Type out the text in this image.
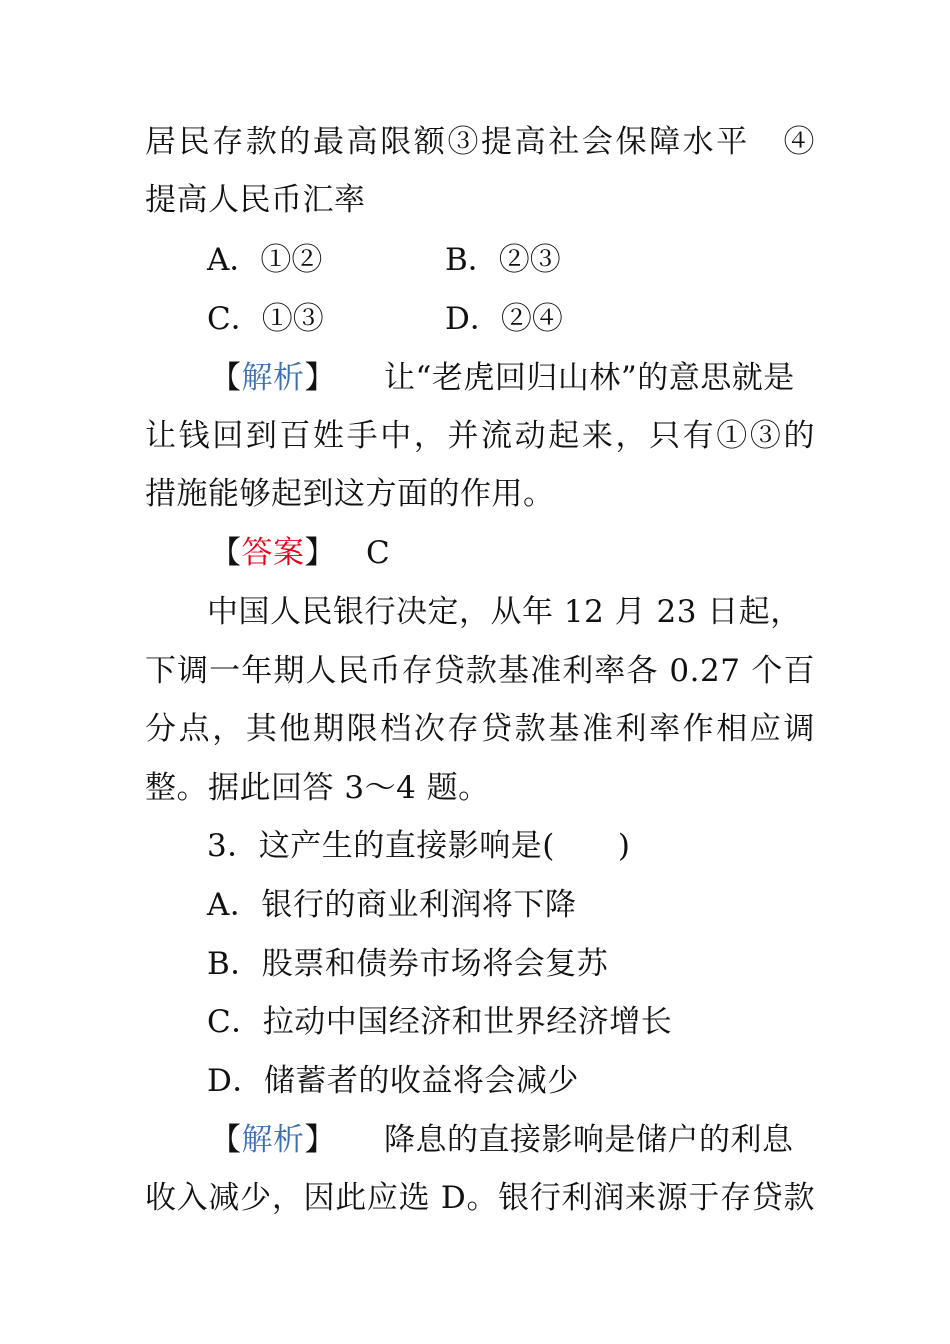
居民存款的最高限额③提高社会保障水平　④
提高人民币汇率
A．①②	B．②③
C．①③	D．②④
【解析】 让“老虎回归山林”的意思就是
让钱回到百姓手中，并流动起来，只有①③的
措施能够起到这方面的作用。
【答案】 C
中国人民银行决定，从年 12 月 23 日起，
下调一年期人民币存贷款基准利率各 0.27 个百
分点，其他期限档次存贷款基准利率作相应调
整。据此回答 3～4 题。
3．这产生的直接影响是(　　)
A．银行的商业利润将下降
B．股票和债券市场将会复苏
C．拉动中国经济和世界经济增长
D．储蓄者的收益将会减少
【解析】 降息的直接影响是储户的利息
收入减少，因此应选 D。银行利润来源于存贷款
